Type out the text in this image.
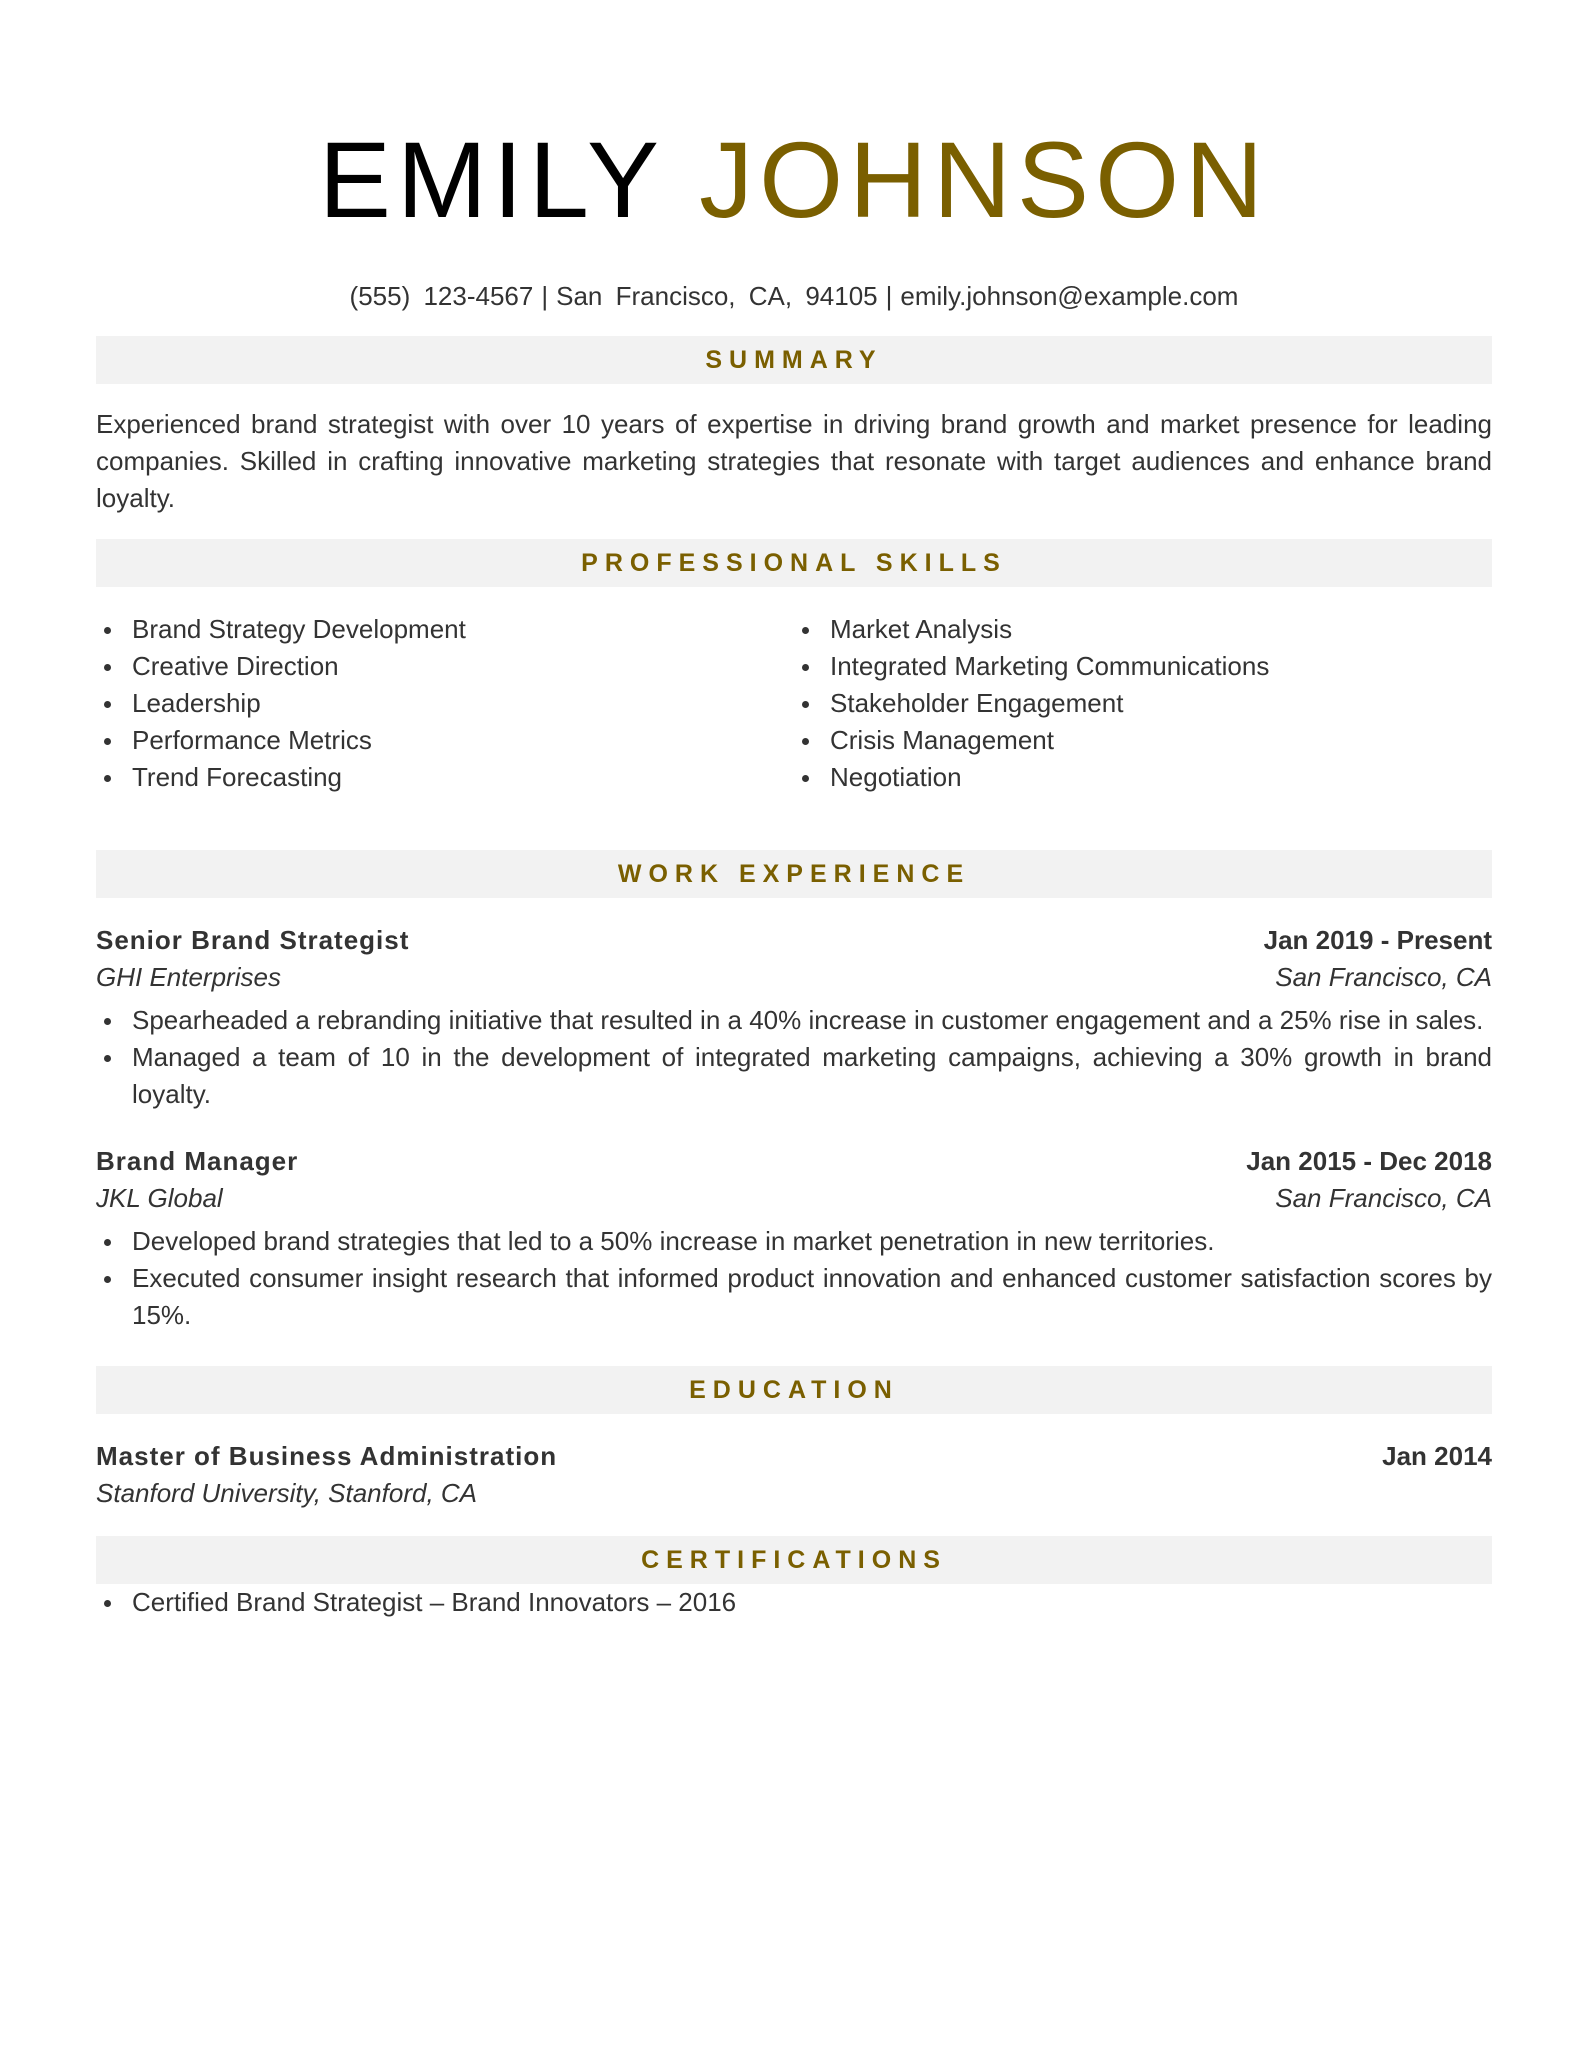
EMILY JOHNSON
(555) 123-4567 | San Francisco, CA, 94105 | emily.johnson@example.com
SUMMARY
Experienced brand strategist with over 10 years of expertise in driving brand growth and market presence for leading companies. Skilled in crafting innovative marketing strategies that resonate with target audiences and enhance brand loyalty.
PROFESSIONAL SKILLS
Brand Strategy Development
Creative Direction
Leadership
Performance Metrics
Trend Forecasting
Market Analysis
Integrated Marketing Communications
Stakeholder Engagement
Crisis Management
Negotiation
WORK EXPERIENCE
Senior Brand Strategist	Jan 2019 - Present
GHI Enterprises	San Francisco, CA
Spearheaded a rebranding initiative that resulted in a 40% increase in customer engagement and a 25% rise in sales.
Managed a team of 10 in the development of integrated marketing campaigns, achieving a 30% growth in brand loyalty.
Brand Manager	Jan 2015 - Dec 2018
JKL Global	San Francisco, CA
Developed brand strategies that led to a 50% increase in market penetration in new territories.
Executed consumer insight research that informed product innovation and enhanced customer satisfaction scores by 15%.
EDUCATION
Master of Business Administration	Jan 2014
Stanford University, Stanford, CA
CERTIFICATIONS
Certified Brand Strategist – Brand Innovators – 2016
